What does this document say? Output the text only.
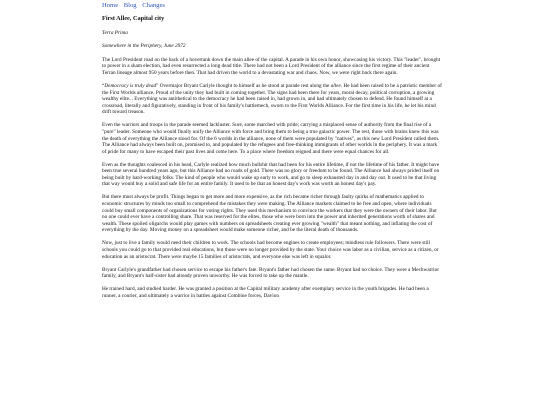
Home Blog Changes
First Allee, Capital city
Terra Prima
Somewhere in the Periphery, June 2972

The Lord President road on the back of a hovertank down the main allee of the capital. A parade in his own honor, showcasing his victory. This "leader", brought to power in a sham election, had even resurrected a long dead title. There had not been a Lord President of the alliance since the first regime of their ancient Terran lineage almost 950 years before then. That had driven the world to a devastating war and chaos. Now, we were right back there again.

“Democracy is truly dead” Overmajor Bryant Carlyle thought to himself as he stood at parade rest along the allee. He had been raised to be a patriotic member of the First Worlds alliance. Proud of the unity they had built in coming together. The signs had been there for years, moral decay, political corruption, a growing wealthy elite... Everything was antithetical to the democracy he had been raised in, had grown in, and had ultimately chosen to defend. He found himself at a crossroad, literally and figuratively, standing in front of his family's battlemech, sworn to the First Worlds Alliance. For the first time in his life, he let his mind drift toward treason.

Even the warriors and troops in the parade seemed lackluster. Sure, some marched with pride; carrying a misplaced sense of authority from the final rise of a "pure" leader. Someone who would finally unify the Alliance with force and bring them to being a true galactic power. The rest, those with brains knew this was the death of everything the Alliance stood for. Of the 6 worlds in the alliance, none of them were populated by "natives", as this new Lord President called them. The Alliance had always been built on, promised to, and populated by the refugees and free-thinking immigrants of other worlds in the periphery. It was a mark of pride for many to have escaped their past lives and come here. To a place where freedom reigned and there were equal chances for all.

Even as the thoughts coalesced in his head, Carlyle realized how much bullshit that had been for his entire lifetime, if not the lifetime of his father. It might have been true several hundred years ago, but this Alliance had no roads of gold. There was no glory or freedom to be found. The Alliance had always prided itself on being built by hard-working folks. The kind of people who would wake up early to work, and go to sleep exhausted day in and day out. It used to be that living that way would buy a solid and safe life for an entire family. It used to be that an honest day's work was worth an honest day's pay.

But there must always be profit. Things began to get more and more expensive, as the rich became richer through faulty quirks of mathematics applied to economic structures by minds too small to comprehend the mistakes they were making. The Alliance markets claimed to be free and open, where individuals could buy small components of organizations for voting rights. They used this mechanism to convince the workers that they were the owners of their labor. But no one could ever have a controlling share. That was reserved for the elites, those who were born into the power and inherited generations worth of shares and wealth. These spoiled oligarchs would play games with numbers on spreadsheets creating ever growing "wealth" that meant nothing, and inflating the cost of everything by the day. Moving money on a spreadsheet would make someone richer, and be the literal death of thousands.

Now, just to live a family would need their children to work. The schools had become engines to create employees; mindless rule followers. There were still schools you could go to that provided real educations, but those were no longer provided by the state. Your choice was labor as a civilian, service as a citizen, or education as an aristocrat. There were maybe 15 families of aristocrats, and everyone else was left in squalor.

Bryant Carlyle's grandfather had chosen service to escape his father's fate. Bryant's father had chosen the same. Bryant had no choice. They were a Mechwarrior family, and Bryant's half-sister had already proven unworthy. He was forced to take up the mantle.

He trained hard, and studied harder. He was granted a position at the Capital military academy after exemplary service in the youth brigades. He had been a runner, a courier, and ultimately a warrior in battles against Combine forces, Davion
